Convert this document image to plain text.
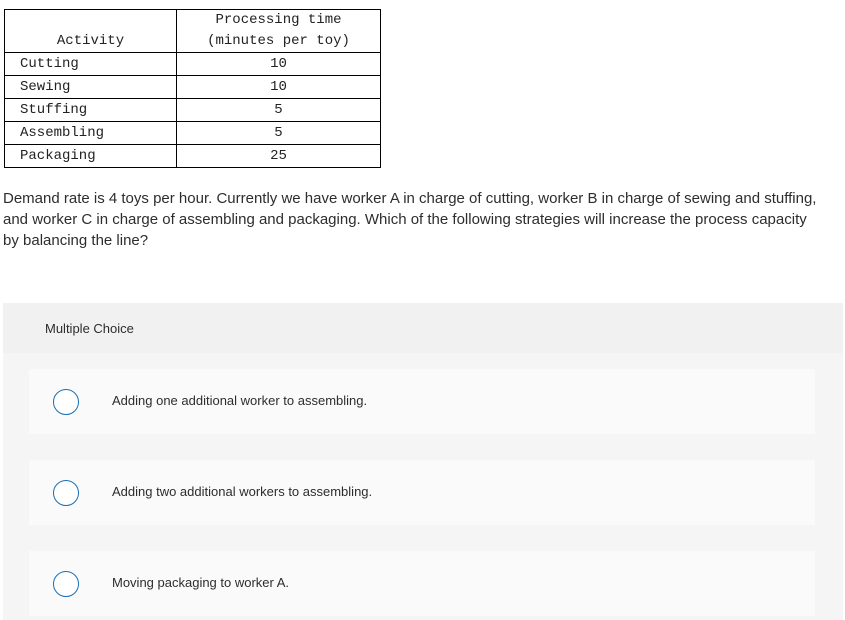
Activity	Processing time
(minutes per toy)

Cutting	10
Sewing	10
Stuffing	5
Assembling	5
Packaging	25

Demand rate is 4 toys per hour. Currently we have worker A in charge of cutting, worker B in charge of sewing and stuffing, and worker C in charge of assembling and packaging. Which of the following strategies will increase the process capacity by balancing the line?

Multiple Choice
Adding one additional worker to assembling.
Adding two additional workers to assembling.
Moving packaging to worker A.
